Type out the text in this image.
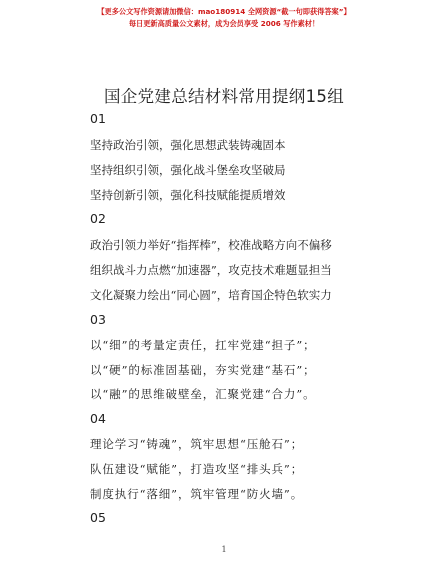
【更多公文写作资源请加微信：mao180914 全网资源“截一句即获得答案”】
每日更新高质量公文素材，成为会员享受 2006 写作素材！
国企党建总结材料常用提纲15组
01
坚持政治引领，强化思想武装铸魂固本
坚持组织引领，强化战斗堡垒攻坚破局
坚持创新引领，强化科技赋能提质增效
02
政治引领力举好“指挥棒”，校准战略方向不偏移
组织战斗力点燃“加速器”，攻克技术难题显担当
文化凝聚力绘出“同心圆”，培育国企特色软实力
03
以“细”的考量定责任，扛牢党建“担子”；
以“硬”的标准固基础，夯实党建“基石”；
以“融”的思维破壁垒，汇聚党建“合力”。
04
理论学习“铸魂”，筑牢思想“压舱石”；
队伍建设“赋能”，打造攻坚“排头兵”；
制度执行“落细”，筑牢管理“防火墙”。
05
1
